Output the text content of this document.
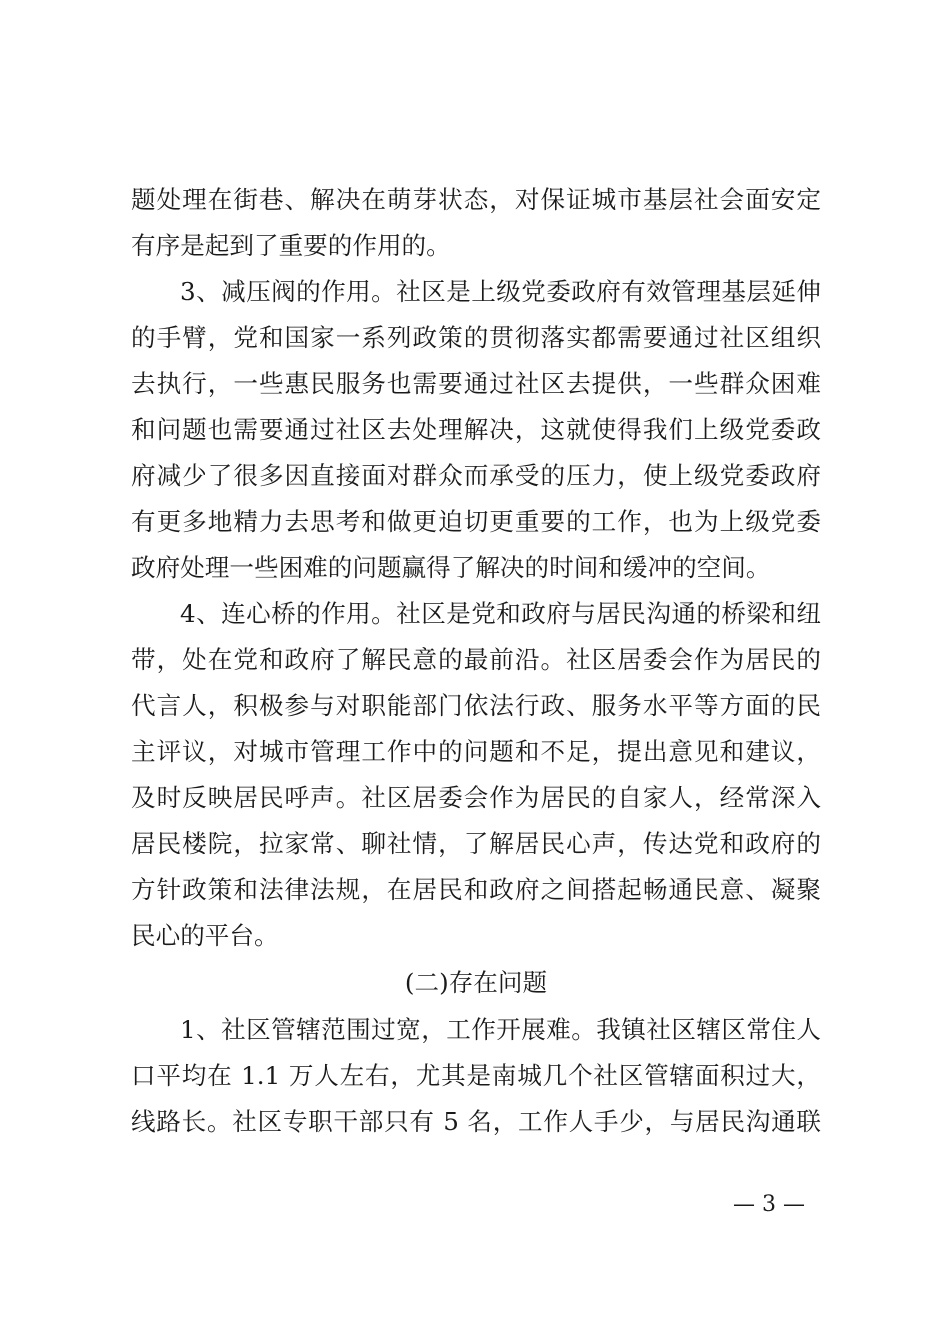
题处理在街巷、解决在萌芽状态，对保证城市基层社会面安定
有序是起到了重要的作用的。
3、减压阀的作用。社区是上级党委政府有效管理基层延伸
的手臂，党和国家一系列政策的贯彻落实都需要通过社区组织
去执行，一些惠民服务也需要通过社区去提供，一些群众困难
和问题也需要通过社区去处理解决，这就使得我们上级党委政
府减少了很多因直接面对群众而承受的压力，使上级党委政府
有更多地精力去思考和做更迫切更重要的工作，也为上级党委
政府处理一些困难的问题赢得了解决的时间和缓冲的空间。
4、连心桥的作用。社区是党和政府与居民沟通的桥梁和纽
带，处在党和政府了解民意的最前沿。社区居委会作为居民的
代言人，积极参与对职能部门依法行政、服务水平等方面的民
主评议，对城市管理工作中的问题和不足，提出意见和建议，
及时反映居民呼声。社区居委会作为居民的自家人，经常深入
居民楼院，拉家常、聊社情，了解居民心声，传达党和政府的
方针政策和法律法规，在居民和政府之间搭起畅通民意、凝聚
民心的平台。
(二)存在问题
1、社区管辖范围过宽，工作开展难。我镇社区辖区常住人
口平均在 1.1 万人左右，尤其是南城几个社区管辖面积过大，
线路长。社区专职干部只有 5 名，工作人手少，与居民沟通联
— 3 —
